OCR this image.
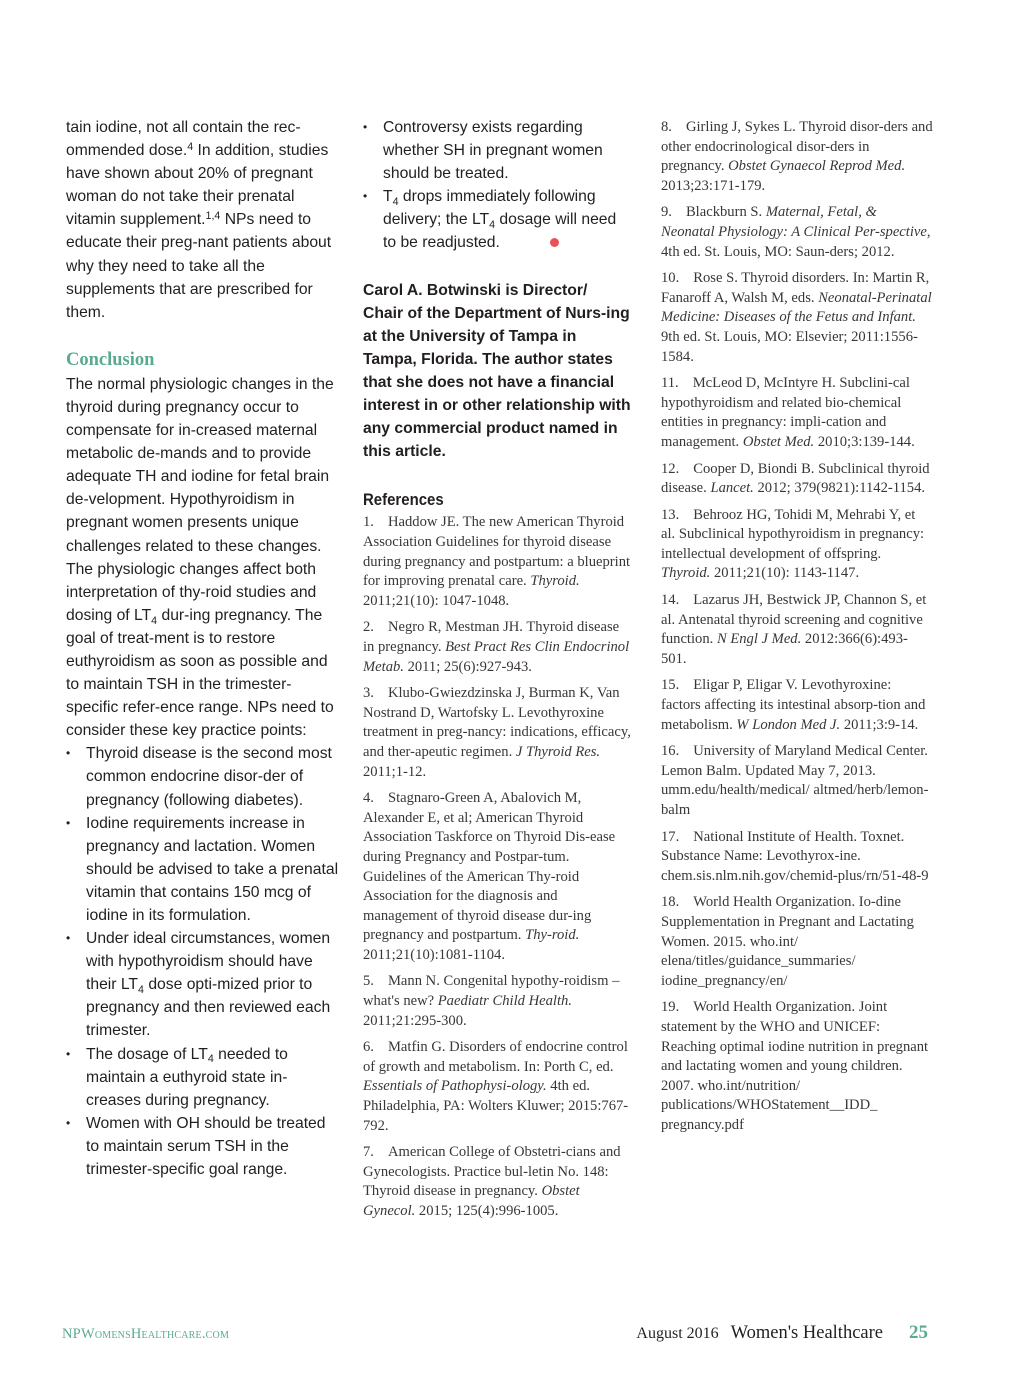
tain iodine, not all contain the rec-ommended dose.$^4$ In addition, studies have shown about 20% of pregnant woman do not take their prenatal vitamin supplement.$^{1,4}$ NPs need to educate their preg-nant patients about why they need to take all the supplements that are prescribed for them.

Conclusion

The normal physiologic changes in the thyroid during pregnancy occur to compensate for in-creased maternal metabolic de-mands and to provide adequate TH and iodine for fetal brain de-velopment. Hypothyroidism in pregnant women presents unique challenges related to these changes. The physiologic changes affect both interpretation of thy-roid studies and dosing of $LT_4$ dur-ing pregnancy. The goal of treat-ment is to restore euthyroidism as soon as possible and to maintain TSH in the trimester-specific refer-ence range. NPs need to consider these key practice points:

• Thyroid disease is the second most common endocrine disor-der of pregnancy (following diabetes).
• Iodine requirements increase in pregnancy and lactation. Women should be advised to take a prenatal vitamin that contains 150 mcg of iodine in its formulation.
• Under ideal circumstances, women with hypothyroidism should have their $LT_4$ dose opti-mized prior to pregnancy and then reviewed each trimester.
• The dosage of $LT_4$ needed to maintain a euthyroid state in-creases during pregnancy.
• Women with OH should be treated to maintain serum TSH in the trimester-specific goal range.
• Controversy exists regarding whether SH in pregnant women should be treated.
• $T_4$ drops immediately following delivery; the $LT_4$ dosage will need to be readjusted.

Carol A. Botwinski is Director/ Chair of the Department of Nurs-ing at the University of Tampa in Tampa, Florida. The author states that she does not have a financial interest in or other relationship with any commercial product named in this article.

References

1. Haddow JE. The new American Thyroid Association Guidelines for thyroid disease during pregnancy and postpartum: a blueprint for improving prenatal care. Thyroid. 2011;21(10): 1047-1048.

2. Negro R, Mestman JH. Thyroid disease in pregnancy. Best Pract Res Clin Endocrinol Metab. 2011; 25(6):927-943.

3. Klubo-Gwiezdzinska J, Burman K, Van Nostrand D, Wartofsky L. Levothyroxine treatment in preg-nancy: indications, efficacy, and ther-apeutic regimen. J Thyroid Res. 2011;1-12.

4. Stagnaro-Green A, Abalovich M, Alexander E, et al; American Thyroid Association Taskforce on Thyroid Dis-ease during Pregnancy and Postpar-tum. Guidelines of the American Thy-roid Association for the diagnosis and management of thyroid disease dur-ing pregnancy and postpartum. Thy-roid. 2011;21(10):1081-1104.

5. Mann N. Congenital hypothy-roidism – what's new? Paediatr Child Health. 2011;21:295-300.

6. Matfin G. Disorders of endocrine control of growth and metabolism. In: Porth C, ed. Essentials of Pathophysi-ology. 4th ed. Philadelphia, PA: Wolters Kluwer; 2015:767-792.

7. American College of Obstetri-cians and Gynecologists. Practice bul-letin No. 148: Thyroid disease in pregnancy. Obstet Gynecol. 2015; 125(4):996-1005.

8. Girling J, Sykes L. Thyroid disor-ders and other endocrinological disor-ders in pregnancy. Obstet Gynaecol Reprod Med. 2013;23:171-179.

9. Blackburn S. Maternal, Fetal, & Neonatal Physiology: A Clinical Per-spective, 4th ed. St. Louis, MO: Saun-ders; 2012.

10. Rose S. Thyroid disorders. In: Martin R, Fanaroff A, Walsh M, eds. Neonatal-Perinatal Medicine: Diseases of the Fetus and Infant. 9th ed. St. Louis, MO: Elsevier; 2011:1556-1584.

11. McLeod D, McIntyre H. Subclini-cal hypothyroidism and related bio-chemical entities in pregnancy: impli-cation and management. Obstet Med. 2010;3:139-144.

12. Cooper D, Biondi B. Subclinical thyroid disease. Lancet. 2012; 379(9821):1142-1154.

13. Behrooz HG, Tohidi M, Mehrabi Y, et al. Subclinical hypothyroidism in pregnancy: intellectual development of offspring. Thyroid. 2011;21(10): 1143-1147.

14. Lazarus JH, Bestwick JP, Channon S, et al. Antenatal thyroid screening and cognitive function. N Engl J Med. 2012:366(6):493-501.

15. Eligar P, Eligar V. Levothyroxine: factors affecting its intestinal absorp-tion and metabolism. W London Med J. 2011;3:9-14.

16. University of Maryland Medical Center. Lemon Balm. Updated May 7, 2013. umm.edu/health/medical/ altmed/herb/lemon-balm

17. National Institute of Health. Toxnet. Substance Name: Levothyrox-ine. chem.sis.nlm.nih.gov/chemid-plus/rn/51-48-9

18. World Health Organization. Io-dine Supplementation in Pregnant and Lactating Women. 2015. who.int/ elena/titles/guidance_summaries/ iodine_pregnancy/en/

19. World Health Organization. Joint statement by the WHO and UNICEF: Reaching optimal iodine nutrition in pregnant and lactating women and young children. 2007. who.int/nutrition/ publications/WHOStatement__IDD_ pregnancy.pdf

NPWomensHealthcare.com	August 2016 Women's Healthcare 25
